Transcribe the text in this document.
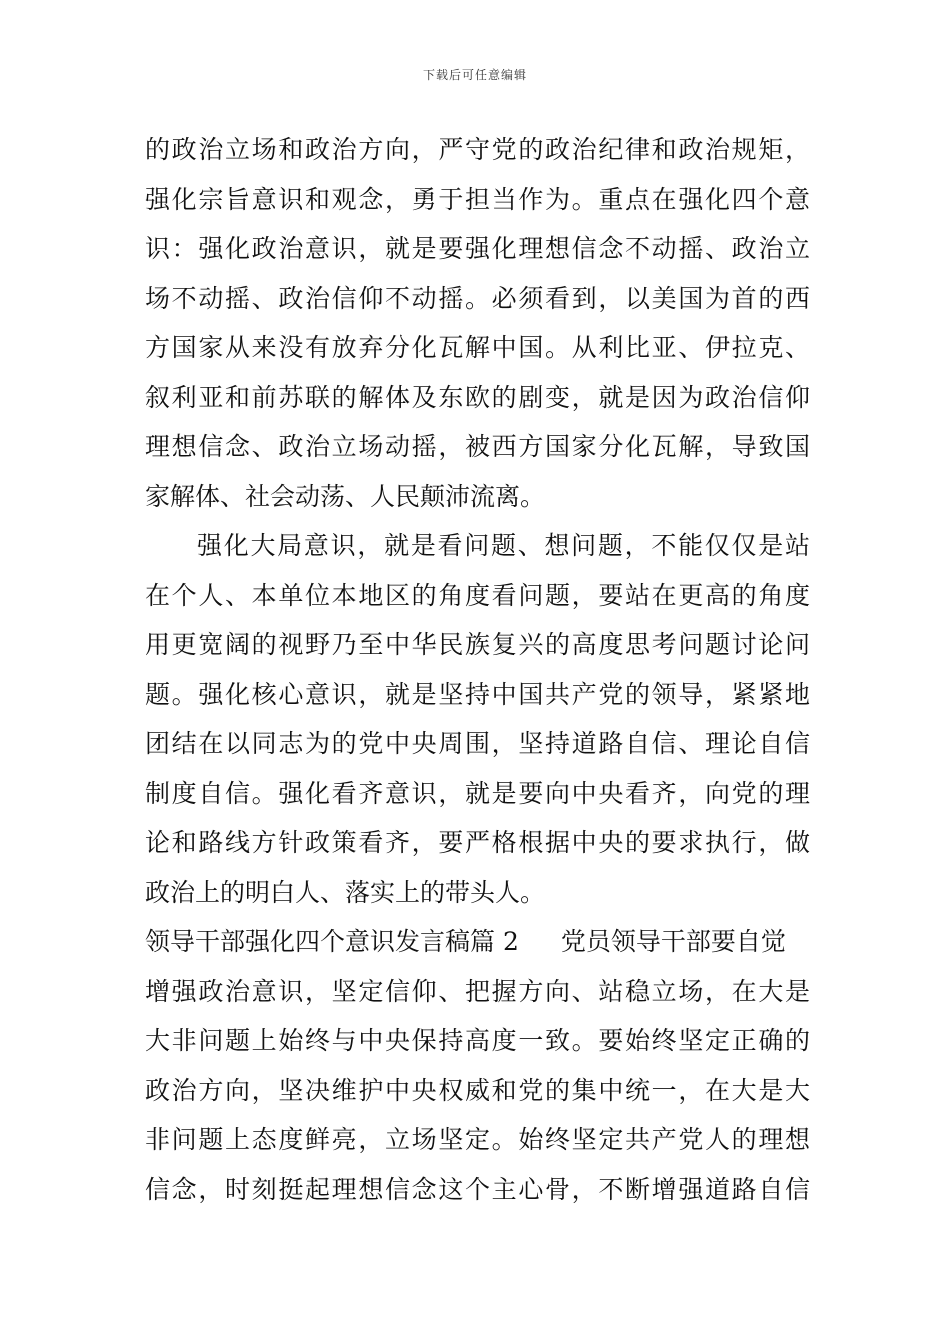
下载后可任意编辑
的政治立场和政治方向，严守党的政治纪律和政治规矩，
强化宗旨意识和观念，勇于担当作为。重点在强化四个意
识：强化政治意识，就是要强化理想信念不动摇、政治立
场不动摇、政治信仰不动摇。必须看到，以美国为首的西
方国家从来没有放弃分化瓦解中国。从利比亚、伊拉克、
叙利亚和前苏联的解体及东欧的剧变，就是因为政治信仰
理想信念、政治立场动摇，被西方国家分化瓦解，导致国
家解体、社会动荡、人民颠沛流离。
强化大局意识，就是看问题、想问题，不能仅仅是站
在个人、本单位本地区的角度看问题，要站在更高的角度
用更宽阔的视野乃至中华民族复兴的高度思考问题讨论问
题。强化核心意识，就是坚持中国共产党的领导，紧紧地
团结在以同志为的党中央周围，坚持道路自信、理论自信
制度自信。强化看齐意识，就是要向中央看齐，向党的理
论和路线方针政策看齐，要严格根据中央的要求执行，做
政治上的明白人、落实上的带头人。
领导干部强化四个意识发言稿篇 2 党员领导干部要自觉
增强政治意识，坚定信仰、把握方向、站稳立场，在大是
大非问题上始终与中央保持高度一致。要始终坚定正确的
政治方向，坚决维护中央权威和党的集中统一，在大是大
非问题上态度鲜亮，立场坚定。始终坚定共产党人的理想
信念，时刻挺起理想信念这个主心骨，不断增强道路自信
